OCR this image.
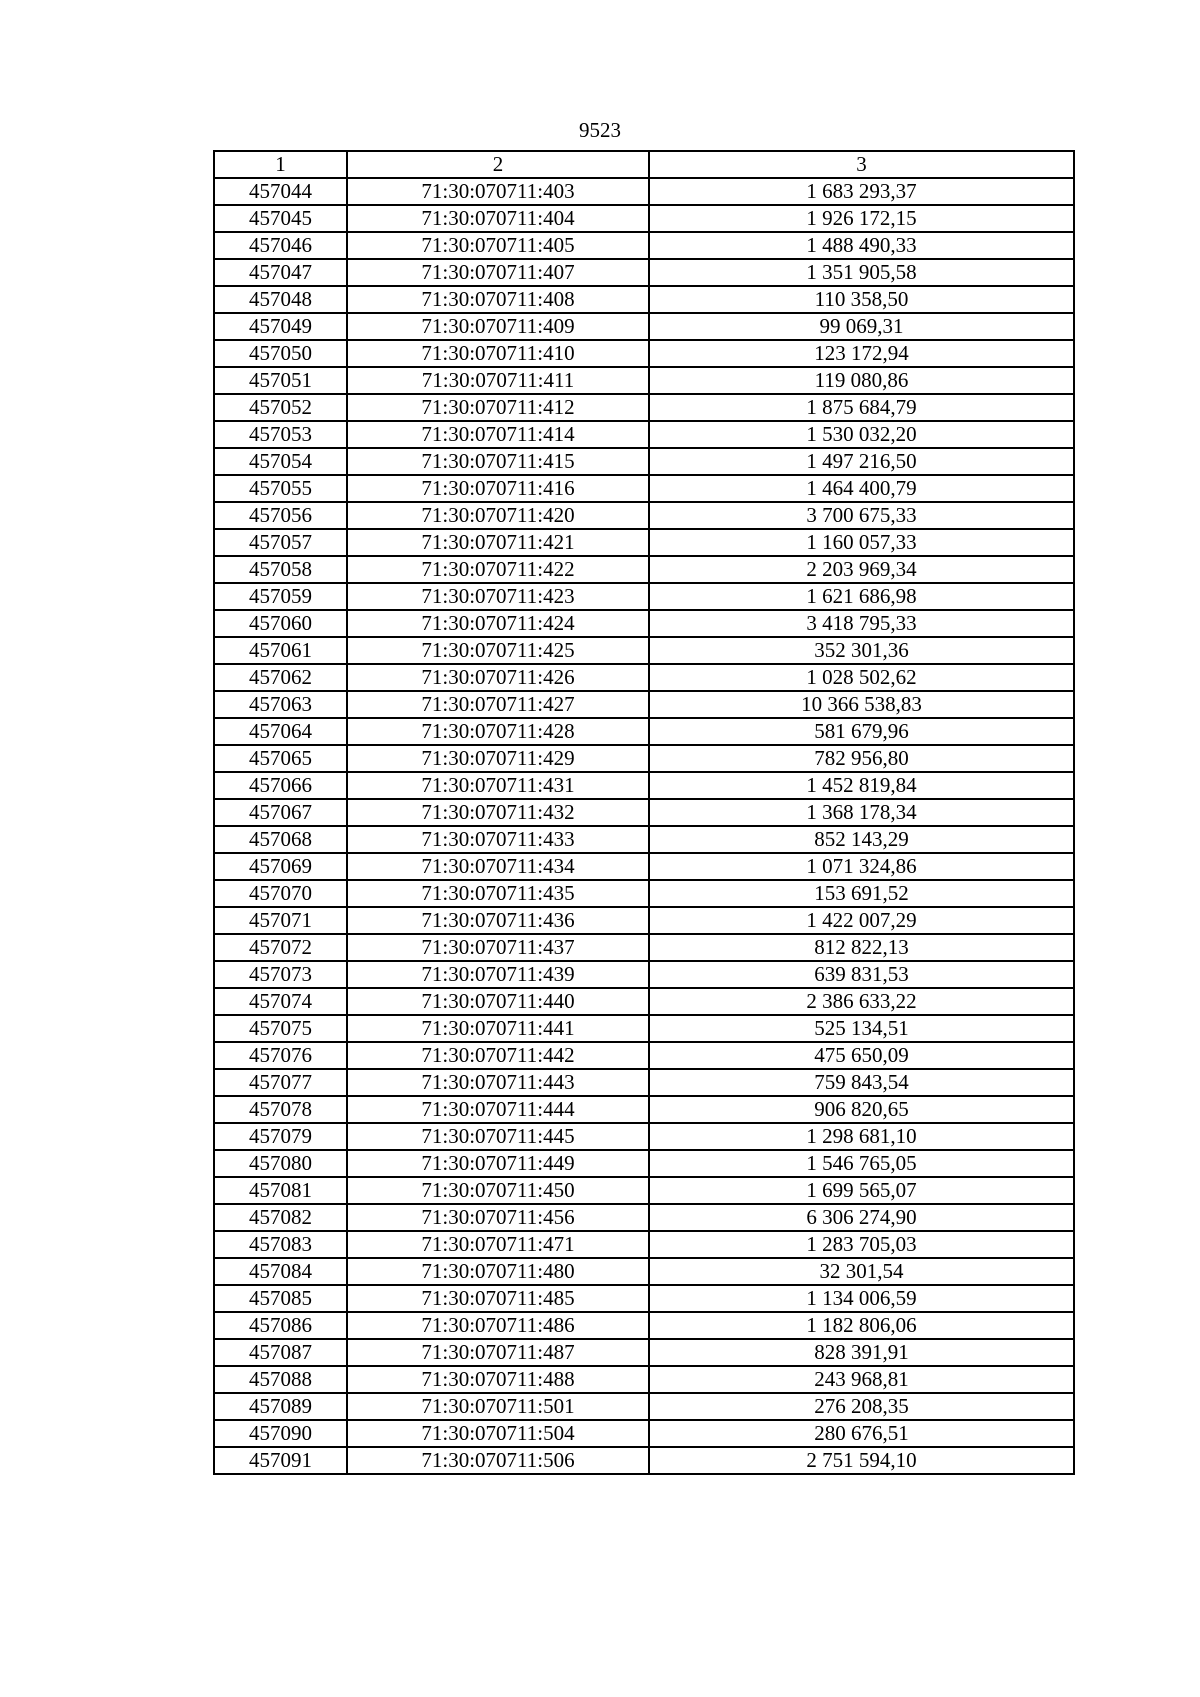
9523
1	2	3
457044	71:30:070711:403	1 683 293,37
457045	71:30:070711:404	1 926 172,15
457046	71:30:070711:405	1 488 490,33
457047	71:30:070711:407	1 351 905,58
457048	71:30:070711:408	110 358,50
457049	71:30:070711:409	99 069,31
457050	71:30:070711:410	123 172,94
457051	71:30:070711:411	119 080,86
457052	71:30:070711:412	1 875 684,79
457053	71:30:070711:414	1 530 032,20
457054	71:30:070711:415	1 497 216,50
457055	71:30:070711:416	1 464 400,79
457056	71:30:070711:420	3 700 675,33
457057	71:30:070711:421	1 160 057,33
457058	71:30:070711:422	2 203 969,34
457059	71:30:070711:423	1 621 686,98
457060	71:30:070711:424	3 418 795,33
457061	71:30:070711:425	352 301,36
457062	71:30:070711:426	1 028 502,62
457063	71:30:070711:427	10 366 538,83
457064	71:30:070711:428	581 679,96
457065	71:30:070711:429	782 956,80
457066	71:30:070711:431	1 452 819,84
457067	71:30:070711:432	1 368 178,34
457068	71:30:070711:433	852 143,29
457069	71:30:070711:434	1 071 324,86
457070	71:30:070711:435	153 691,52
457071	71:30:070711:436	1 422 007,29
457072	71:30:070711:437	812 822,13
457073	71:30:070711:439	639 831,53
457074	71:30:070711:440	2 386 633,22
457075	71:30:070711:441	525 134,51
457076	71:30:070711:442	475 650,09
457077	71:30:070711:443	759 843,54
457078	71:30:070711:444	906 820,65
457079	71:30:070711:445	1 298 681,10
457080	71:30:070711:449	1 546 765,05
457081	71:30:070711:450	1 699 565,07
457082	71:30:070711:456	6 306 274,90
457083	71:30:070711:471	1 283 705,03
457084	71:30:070711:480	32 301,54
457085	71:30:070711:485	1 134 006,59
457086	71:30:070711:486	1 182 806,06
457087	71:30:070711:487	828 391,91
457088	71:30:070711:488	243 968,81
457089	71:30:070711:501	276 208,35
457090	71:30:070711:504	280 676,51
457091	71:30:070711:506	2 751 594,10
